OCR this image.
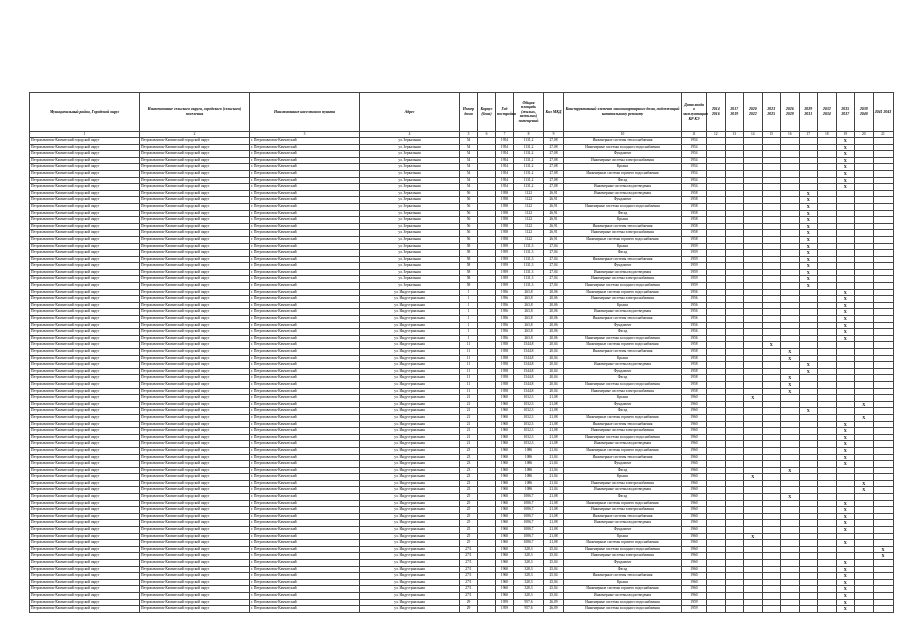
Муниципальный район, Городской округ	Наименование сельского округа, городского (сельского) поселения	Наименование населенного пункта	Адрес	Номер дома	Корпус (блок)	Год постройки	Общая площадь (жилых, нежилых) помещений	Кол МКД	Конструктивный элемент многоквартирного дома, подлежащий капитальному ремонту	Дата ввода в эксплуатацию КР КЭ	2014 2016	2017 2019	2020 2022	2023 2025	2026 2028	2029 2031	2032 2034	2035 2037	2038 2040	2041 2043
1	2	3	4	5	6	7	8	9	10	11	12	13	14	15	16	17	18	19	20	21
Петропавловск-Камчатский городской округ	Петропавловск-Камчатский городской округ	г. Петропавловск-Камчатский	ул. Зеркальная	54		1954	1131,2	27,08	Инженерные системы теплоснабжения	1954								X		
Петропавловск-Камчатский городской округ	Петропавловск-Камчатский городской округ	г. Петропавловск-Камчатский	ул. Зеркальная	54		1954	1131,2	27,08	Инженерные системы холодного водоснабжения	1954								X		
Петропавловск-Камчатский городской округ	Петропавловск-Камчатский городской округ	г. Петропавловск-Камчатский	ул. Зеркальная	54		1954	1131,2	27,08	Фундамент	1954								X		
Петропавловск-Камчатский городской округ	Петропавловск-Камчатский городской округ	г. Петропавловск-Камчатский	ул. Зеркальная	54		1954	1131,2	27,08	Инженерные системы электроснабжения	1954								X		
Петропавловск-Камчатский городской округ	Петропавловск-Камчатский городской округ	г. Петропавловск-Камчатский	ул. Зеркальная	54		1954	1131,2	27,08	Крыша	1954								X		
Петропавловск-Камчатский городской округ	Петропавловск-Камчатский городской округ	г. Петропавловск-Камчатский	ул. Зеркальная	54		1954	1131,2	27,08	Инженерные системы горячего водоснабжения	1954								X		
Петропавловск-Камчатский городской округ	Петропавловск-Камчатский городской округ	г. Петропавловск-Камчатский	ул. Зеркальная	54		1954	1131,2	27,08	Фасад	1954								X		
Петропавловск-Камчатский городской округ	Петропавловск-Камчатский городской округ	г. Петропавловск-Камчатский	ул. Зеркальная	54		1954	1131,2	27,08	Инженерные системы водоотведения	1954								X		
Петропавловск-Камчатский городской округ	Петропавловск-Камчатский городской округ	г. Петропавловск-Камчатский	ул. Зеркальная	56		1958	1122	26,91	Инженерные системы водоотведения	1958						X				
Петропавловск-Камчатский городской округ	Петропавловск-Камчатский городской округ	г. Петропавловск-Камчатский	ул. Зеркальная	56		1958	1122	26,91	Фундамент	1958						X				
Петропавловск-Камчатский городской округ	Петропавловск-Камчатский городской округ	г. Петропавловск-Камчатский	ул. Зеркальная	56		1958	1122	26,91	Инженерные системы холодного водоснабжения	1958						X				
Петропавловск-Камчатский городской округ	Петропавловск-Камчатский городской округ	г. Петропавловск-Камчатский	ул. Зеркальная	56		1958	1122	26,91	Фасад	1958						X				
Петропавловск-Камчатский городской округ	Петропавловск-Камчатский городской округ	г. Петропавловск-Камчатский	ул. Зеркальная	56		1958	1122	26,91	Крыша	1958						X				
Петропавловск-Камчатский городской округ	Петропавловск-Камчатский городской округ	г. Петропавловск-Камчатский	ул. Зеркальная	56		1958	1122	26,91	Инженерные системы теплоснабжения	1958						X				
Петропавловск-Камчатский городской округ	Петропавловск-Камчатский городской округ	г. Петропавловск-Камчатский	ул. Зеркальная	56		1958	1122	26,91	Инженерные системы электроснабжения	1958						X				
Петропавловск-Камчатский городской округ	Петропавловск-Камчатский городской округ	г. Петропавловск-Камчатский	ул. Зеркальная	56		1958	1122	26,91	Инженерные системы горячего водоснабжения	1958						X				
Петропавловск-Камчатский городской округ	Петропавловск-Камчатский городской округ	г. Петропавловск-Камчатский	ул. Зеркальная	58		1959	1131,3	27,04	Крыша	1959						X				
Петропавловск-Камчатский городской округ	Петропавловск-Камчатский городской округ	г. Петропавловск-Камчатский	ул. Зеркальная	58		1959	1131,3	27,04	Фасад	1959						X				
Петропавловск-Камчатский городской округ	Петропавловск-Камчатский городской округ	г. Петропавловск-Камчатский	ул. Зеркальная	58		1959	1131,3	27,04	Инженерные системы теплоснабжения	1959						X				
Петропавловск-Камчатский городской округ	Петропавловск-Камчатский городской округ	г. Петропавловск-Камчатский	ул. Зеркальная	58		1959	1131,3	27,04	Фундамент	1959						X				
Петропавловск-Камчатский городской округ	Петропавловск-Камчатский городской округ	г. Петропавловск-Камчатский	ул. Зеркальная	58		1959	1131,3	27,04	Инженерные системы водоотведения	1959						X				
Петропавловск-Камчатский городской округ	Петропавловск-Камчатский городской округ	г. Петропавловск-Камчатский	ул. Зеркальная	58		1959	1131,3	27,04	Инженерные системы электроснабжения	1959						X				
Петропавловск-Камчатский городской округ	Петропавловск-Камчатский городской округ	г. Петропавловск-Камчатский	ул. Зеркальная	58		1959	1131,3	27,04	Инженерные системы холодного водоснабжения	1959						X				
Петропавловск-Камчатский городской округ	Петропавловск-Камчатский городской округ	г. Петропавловск-Камчатский	ул. Индустриальная	1		1956	263,8	20,06	Инженерные системы горячего водоснабжения	1956								X		
Петропавловск-Камчатский городской округ	Петропавловск-Камчатский городской округ	г. Петропавловск-Камчатский	ул. Индустриальная	1		1956	263,8	20,06	Инженерные системы электроснабжения	1956								X		
Петропавловск-Камчатский городской округ	Петропавловск-Камчатский городской округ	г. Петропавловск-Камчатский	ул. Индустриальная	1		1956	263,8	20,06	Крыша	1956								X		
Петропавловск-Камчатский городской округ	Петропавловск-Камчатский городской округ	г. Петропавловск-Камчатский	ул. Индустриальная	1		1956	263,8	20,06	Инженерные системы водоотведения	1956								X		
Петропавловск-Камчатский городской округ	Петропавловск-Камчатский городской округ	г. Петропавловск-Камчатский	ул. Индустриальная	1		1956	263,8	20,06	Инженерные системы теплоснабжения	1956								X		
Петропавловск-Камчатский городской округ	Петропавловск-Камчатский городской округ	г. Петропавловск-Камчатский	ул. Индустриальная	1		1956	263,8	20,06	Фундамент	1956								X		
Петропавловск-Камчатский городской округ	Петропавловск-Камчатский городской округ	г. Петропавловск-Камчатский	ул. Индустриальная	1		1956	263,8	20,06	Фасад	1956								X		
Петропавловск-Камчатский городской округ	Петропавловск-Камчатский городской округ	г. Петропавловск-Камчатский	ул. Индустриальная	1		1956	263,8	20,06	Инженерные системы холодного водоснабжения	1956								X		
Петропавловск-Камчатский городской округ	Петропавловск-Камчатский городской округ	г. Петропавловск-Камчатский	ул. Индустриальная	11		1958	1544,8	20,04	Инженерные системы горячего водоснабжения	1958				X						
Петропавловск-Камчатский городской округ	Петропавловск-Камчатский городской округ	г. Петропавловск-Камчатский	ул. Индустриальная	11		1958	1544,8	20,04	Инженерные системы теплоснабжения	1958					X					
Петропавловск-Камчатский городской округ	Петропавловск-Камчатский городской округ	г. Петропавловск-Камчатский	ул. Индустриальная	11		1958	1544,8	20,04	Крыша	1958					X					
Петропавловск-Камчатский городской округ	Петропавловск-Камчатский городской округ	г. Петропавловск-Камчатский	ул. Индустриальная	11		1958	1544,8	20,04	Инженерные системы водоотведения	1958						X				
Петропавловск-Камчатский городской округ	Петропавловск-Камчатский городской округ	г. Петропавловск-Камчатский	ул. Индустриальная	11		1958	1544,8	20,04	Фундамент	1958						X				
Петропавловск-Камчатский городской округ	Петропавловск-Камчатский городской округ	г. Петропавловск-Камчатский	ул. Индустриальная	11		1958	1544,8	20,04	Фасад	1958					X					
Петропавловск-Камчатский городской округ	Петропавловск-Камчатский городской округ	г. Петропавловск-Камчатский	ул. Индустриальная	11		1958	1544,8	20,04	Инженерные системы холодного водоснабжения	1958					X					
Петропавловск-Камчатский городской округ	Петропавловск-Камчатский городской округ	г. Петропавловск-Камчатский	ул. Индустриальная	11		1958	1544,8	20,04	Инженерные системы электроснабжения	1958					X					
Петропавловск-Камчатский городской округ	Петропавловск-Камчатский городской округ	г. Петропавловск-Камчатский	ул. Индустриальная	21		1960	1032,3	21,08	Крыша	1960			X							
Петропавловск-Камчатский городской округ	Петропавловск-Камчатский городской округ	г. Петропавловск-Камчатский	ул. Индустриальная	21		1960	1032,3	21,08	Фундамент	1960									X	
Петропавловск-Камчатский городской округ	Петропавловск-Камчатский городской округ	г. Петропавловск-Камчатский	ул. Индустриальная	21		1960	1032,3	21,08	Фасад	1960						X				
Петропавловск-Камчатский городской округ	Петропавловск-Камчатский городской округ	г. Петропавловск-Камчатский	ул. Индустриальная	21		1960	1032,3	21,08	Инженерные системы горячего водоснабжения	1960									X	
Петропавловск-Камчатский городской округ	Петропавловск-Камчатский городской округ	г. Петропавловск-Камчатский	ул. Индустриальная	21		1960	1032,3	21,08	Инженерные системы теплоснабжения	1960								X		
Петропавловск-Камчатский городской округ	Петропавловск-Камчатский городской округ	г. Петропавловск-Камчатский	ул. Индустриальная	21		1960	1032,3	21,08	Инженерные системы электроснабжения	1960								X		
Петропавловск-Камчатский городской округ	Петропавловск-Камчатский городской округ	г. Петропавловск-Камчатский	ул. Индустриальная	21		1960	1032,3	21,08	Инженерные системы холодного водоснабжения	1960								X		
Петропавловск-Камчатский городской округ	Петропавловск-Камчатский городской округ	г. Петропавловск-Камчатский	ул. Индустриальная	21		1960	1032,3	21,08	Инженерные системы водоотведения	1960								X		
Петропавловск-Камчатский городской округ	Петропавловск-Камчатский городской округ	г. Петропавловск-Камчатский	ул. Индустриальная	23		1960	1086	21,04	Инженерные системы горячего водоснабжения	1960								X		
Петропавловск-Камчатский городской округ	Петропавловск-Камчатский городской округ	г. Петропавловск-Камчатский	ул. Индустриальная	23		1960	1086	21,04	Инженерные системы теплоснабжения	1960								X		
Петропавловск-Камчатский городской округ	Петропавловск-Камчатский городской округ	г. Петропавловск-Камчатский	ул. Индустриальная	23		1960	1086	21,04	Фундамент	1960								X		
Петропавловск-Камчатский городской округ	Петропавловск-Камчатский городской округ	г. Петропавловск-Камчатский	ул. Индустриальная	23		1960	1086	21,04	Фасад	1960					X					
Петропавловск-Камчатский городской округ	Петропавловск-Камчатский городской округ	г. Петропавловск-Камчатский	ул. Индустриальная	23		1960	1086	21,04	Крыша	1960			X							
Петропавловск-Камчатский городской округ	Петропавловск-Камчатский городской округ	г. Петропавловск-Камчатский	ул. Индустриальная	23		1960	1086	21,04	Инженерные системы электроснабжения	1960									X	
Петропавловск-Камчатский городской округ	Петропавловск-Камчатский городской округ	г. Петропавловск-Камчатский	ул. Индустриальная	23		1960	1086	21,04	Инженерные системы водоотведения	1960									X	
Петропавловск-Камчатский городской округ	Петропавловск-Камчатский городской округ	г. Петропавловск-Камчатский	ул. Индустриальная	25		1960	1086,7	21,08	Фасад	1960					X					
Петропавловск-Камчатский городской округ	Петропавловск-Камчатский городской округ	г. Петропавловск-Камчатский	ул. Индустриальная	25		1960	1086,7	21,08	Инженерные системы горячего водоснабжения	1960								X		
Петропавловск-Камчатский городской округ	Петропавловск-Камчатский городской округ	г. Петропавловск-Камчатский	ул. Индустриальная	25		1960	1086,7	21,08	Инженерные системы электроснабжения	1960								X		
Петропавловск-Камчатский городской округ	Петропавловск-Камчатский городской округ	г. Петропавловск-Камчатский	ул. Индустриальная	25		1960	1086,7	21,08	Инженерные системы теплоснабжения	1960								X		
Петропавловск-Камчатский городской округ	Петропавловск-Камчатский городской округ	г. Петропавловск-Камчатский	ул. Индустриальная	25		1960	1086,7	21,08	Инженерные системы водоотведения	1960								X		
Петропавловск-Камчатский городской округ	Петропавловск-Камчатский городской округ	г. Петропавловск-Камчатский	ул. Индустриальная	25		1960	1086,7	21,08	Фундамент	1960								X		
Петропавловск-Камчатский городской округ	Петропавловск-Камчатский городской округ	г. Петропавловск-Камчатский	ул. Индустриальная	25		1960	1086,7	21,08	Крыша	1960			X							
Петропавловск-Камчатский городской округ	Петропавловск-Камчатский городской округ	г. Петропавловск-Камчатский	ул. Индустриальная	25		1960	1086,7	21,08	Инженерные системы горячего водоснабжения	1960								X		
Петропавловск-Камчатский городской округ	Петропавловск-Камчатский городской округ	г. Петропавловск-Камчатский	ул. Индустриальная	27/1		1960	328,3	25,04	Инженерные системы холодного водоснабжения	1960										X
Петропавловск-Камчатский городской округ	Петропавловск-Камчатский городской округ	г. Петропавловск-Камчатский	ул. Индустриальная	27/1		1960	328,3	25,04	Инженерные системы электроснабжения	1960										X
Петропавловск-Камчатский городской округ	Петропавловск-Камчатский городской округ	г. Петропавловск-Камчатский	ул. Индустриальная	27/1		1960	328,3	25,04	Фундамент	1960								X		
Петропавловск-Камчатский городской округ	Петропавловск-Камчатский городской округ	г. Петропавловск-Камчатский	ул. Индустриальная	27/1		1960	328,3	25,04	Фасад	1960								X		
Петропавловск-Камчатский городской округ	Петропавловск-Камчатский городской округ	г. Петропавловск-Камчатский	ул. Индустриальная	27/1		1960	328,3	25,04	Инженерные системы теплоснабжения	1960								X		
Петропавловск-Камчатский городской округ	Петропавловск-Камчатский городской округ	г. Петропавловск-Камчатский	ул. Индустриальная	27/1		1960	328,3	25,04	Крыша	1960								X		
Петропавловск-Камчатский городской округ	Петропавловск-Камчатский городской округ	г. Петропавловск-Камчатский	ул. Индустриальная	27/1		1960	328,3	25,04	Инженерные системы горячего водоснабжения	1960								X		
Петропавловск-Камчатский городской округ	Петропавловск-Камчатский городской округ	г. Петропавловск-Камчатский	ул. Индустриальная	27/1		1960	328,3	25,04	Инженерные системы водоотведения	1960								X		
Петропавловск-Камчатский городской округ	Петропавловск-Камчатский городской округ	г. Петропавловск-Камчатский	ул. Индустриальная	29		1959	957,6	26,09	Инженерные системы холодного водоснабжения	1959								X		
Петропавловск-Камчатский городской округ	Петропавловск-Камчатский городской округ	г. Петропавловск-Камчатский	ул. Индустриальная	29		1959	957,6	26,09	Инженерные системы холодного водоснабжения	1959								X		
